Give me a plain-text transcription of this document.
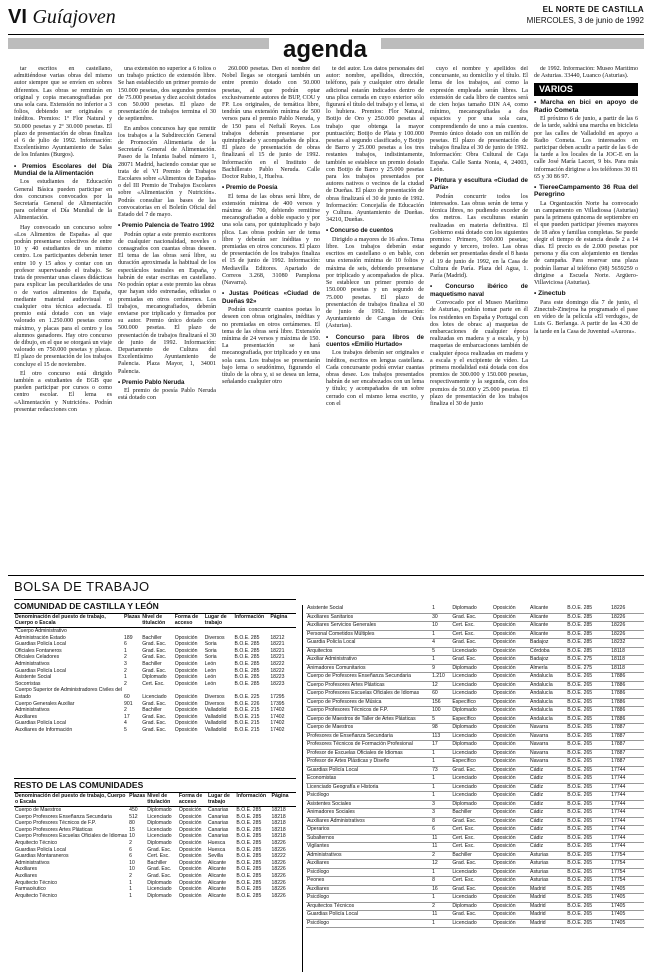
VI Guíajoven	EL NORTE DE CASTILLA
MIERCOLES, 3 de junio de 1992
agenda

tar escritos en castellano, admitiéndose varias obras del mismo autor siempre que se envíen en sobres diferentes. Las obras se remitirán en original y copia mecanografiadas por una sola cara. Extensión no inferior a 3 folios, debiendo ser originales e inéditos. Premios: 1º Flor Natural y 50.000 pesetas y 2º 30.000 pesetas. El plazo de presentación de obras finaliza el 6 de julio de 1992. Información: Excelentísimo Ayuntamiento de Salas de los Infantes (Burgos).

• Premios Escolares del Día Mundial de la Alimentación

Los estudiantes de Educación General Básica pueden participar en dos concursos convocados por la Secretaría General de Alimentación para celebrar el Día Mundial de la Alimentación.

Hay convocado un concurso sobre «Los Alimentos de España» al que podrán presentarse colectivos de entre 10 y 40 estudiantes de un mismo centro. Los participantes deberán tener entre 10 y 15 años y contar con un profesor supervisando el trabajo. Se trata de presentar unas clases didácticas para explicar las peculiaridades de una o de varios alimentos de España, mediante material audiovisual o cualquier otra técnica adecuada. El premio está dotado con un viaje valorado en 1.250.000 pesetas como máximo, y placas para el centro y los alumnos ganadores. Hay otro concurso de dibujo, en el que se otorgará un viaje valorado en 750.000 pesetas y placas. El plazo de presentación de los trabajos concluye el 15 de noviembre.

El otro concurso está dirigido también a estudiantes de EGB que pueden participar por cursos o como centro escolar. El lema es «Alimentación y Nutrición». Podrán presentar redacciones con

una extensión no superior a 6 folios o un trabajo práctico de extensión libre. Se han establecido un primer premio de 150.000 pesetas, dos segundos premios de 75.000 pesetas y diez accésit dotados con 50.000 pesetas. El plazo de presentación de trabajos termina el 30 de septiembre.

En ambos concursos hay que remitir los trabajos a la Subdirección General de Promoción Alimentaria de la Secretaría General de Alimentación. Paseo de la Infanta Isabel número 1, 28071 Madrid, haciendo constar que se trata de el VI Premio de Trabajos Escolares sobre «Alimentos de España» o del III Premio de Trabajos Escolares sobre «Alimentación y Nutrición». Podrás consultar las bases de las convocatorias en el Boletín Oficial del Estado del 7 de mayo.

• Premio Palencia de Teatro 1992

Podrán optar a este premio escritores de cualquier nacionalidad, noveles o consagrados con cuantas obras deseen. El tema de las obras será libre, su duración aproximada la habitual de los espectáculos teatrales en España, y habrán de estar escritas en castellano. No podrán optar a este premio las obras que hayan sido estrenadas, editadas o premiadas en otros certámenes. Los trabajos, mecanografiados, deberán enviarse por triplicado y firmados por su autor. Premio único dotado con 500.000 pesetas. El plazo de presentación de trabajos finalizará el 30 de junio de 1992. Información: Departamento de Cultura del Excelentísimo Ayuntamiento de Palencia. Plaza Mayor, 1, 34001 Palencia.

• Premio Pablo Neruda

El premio de poesía Pablo Neruda está dotado con

260.000 pesetas. Den el nombre del Nobel llegas se otorgará también un entre premio dotado con 50.000 pesetas, al que podrán optar exclusivamente autores de BUP, COU y FP. Los originales, de temática libre, tendrán una extensión mínima de 500 versos para el premio Pablo Neruda, y de 150 para el Neftalí Reyes. Los trabajos deberán presentarse por quintuplicado y acompañados de plica. El plazo de presentación de obras finalizará el 15 de junio de 1992. Información en el Instituto de Bachillerato Pablo Neruda. Calle Doctor Rubio, 1, Huelva.

• Premio de Poesía

El tema de las obras será libre, de extensión mínima de 400 versos y máxima de 700, debiendo remitirse mecanografiadas a doble espacio y por una sola cara, por quintuplicado y bajo plica. Las obras podrán ser de tema libre y deberán ser inéditas y no premiadas en otros concursos. El plazo de presentación de los trabajos finaliza el 15 de junio de 1992. Información: Mediavilla Editores. Apartado de Correos 3.268, 31080 Pamplona (Navarra).

• Justas Poéticas «Ciudad de Dueñas 92»

Podrán concurrir cuantos poetas lo deseen con obras originales, inéditas y no premiadas en otros certámenes. El tema de las obras será libre. Extensión mínima de 24 versos y máxima de 150. La presentación se hará mecanografiada, por triplicado y en una sola cara. Los trabajos se presentarán bajo lema o seudónimo, figurando el título de la obra y, si se desea un lema, señalando cualquier otro

te del autor. Los datos personales del autor: nombre, apellidos, dirección, teléfono, país y cualquier otro detalle adicional estarán indicados dentro de una plica cerrada en cuyo exterior sólo figurará el título del trabajo y el lema, si lo hubiera. Premios: Flor Natural, Botijo de Oro y 250.000 pesetas al trabajo que obtenga la mayor puntuación; Botijo de Plata y 100.000 pesetas al segundo clasificado, y Botijo de Barro y 25.000 pesetas a los tres restantes trabajos, indistintamente, también se establece un premio dotado con Botijo de Barro y 25.000 pesetas para los trabajos presentados por autores nativos o vecinos de la ciudad de Dueñas. El plazo de presentación de obras finalizará el 30 de junio de 1992. Información: Concejalía de Educación y Cultura. Ayuntamiento de Dueñas. 34210, Dueñas.

• Concurso de cuentos

Dirigido a mayores de 16 años. Tema libre. Los trabajos deberán estar escritos en castellano o en bable, con una extensión mínima de 10 folios y máxima de seis, debiendo presentarse por triplicado y acompañados de plica. Se establece un primer premio de 150.000 pesetas y un segundo de 75.000 pesetas. El plazo de presentación de trabajos finaliza el 30 de junio de 1992. Información: Ayuntamiento de Cangas de Onís (Asturias).

• Concurso para libros de cuentos «Emilio Hurtado»

Los trabajos deberán ser originales e inéditos, escritos en lengua castellana. Cada concursante podrá enviar cuantas obras desee. Los trabajos presentados habrán de ser encabezados con un lema y título; y acompañados de un sobre cerrado con el mismo lema escrito, y con el

cuyo el nombre y apellidos del concursante, su domicilio y el título. El lema de los trabajos, así como la expresión empleada serán libres. La extensión de cada libro de cuentos será de cien hojas tamaño DIN A4, como mínimo, mecanografiadas a dos espacios y por una sola cara, comprendiendo de uno a más cuentos. Premio único dotado con un millón de pesetas. El plazo de presentación de trabajos finaliza el 30 de junio de 1992. Información: Obra Cultural de Caja España. Calle Santa Nonia, 4, 24003, León.

• Pintura y escultura «Ciudad de Paría»

Podrán concurrir todos los interesados. Las obras serán de tema y técnica libres, no pudiendo exceder de dos metros. Las esculturas estarán realizadas en materia definitiva. El Gobierno está dotado con los siguientes premios: Primero, 500.000 pesetas; segundo y tercero, trofeo. Las obras deberán ser presentadas desde el 8 hasta el 19 de junio de 1992, en la Casa de Cultura de Paría. Plaza del Agua, 1. Paría (Madrid).

• Concurso ibérico de maquetismo naval

Convocado por el Museo Marítimo de Asturias, podrán tomar parte en él los residentes en España y Portugal con dos lotes de obras: a) maquetas de embarcaciones de cualquier época realizadas en madera y a escala, y b) maquetas de embarcaciones también de cualquier época realizadas en madera y a escala y el excipiente de vídeo. La primera modalidad está dotada con dos premios de 300.000 y 150.000 pesetas, respectivamente y la segunda, con dos premios de 50.000 y 25.000 pesetas. El plazo de presentación de los trabajos finaliza el 30 de junio

de 1992. Información: Museo Marítimo de Asturias. 33440, Luanco (Asturias).

VARIOS
• Marcha en bici en apoyo de Radio Cometa

El próximo 6 de junio, a partir de las 6 de la tarde, saldrá una marcha en bicicleta por las calles de Valladolid en apoyo a Radio Cometa. Los interesados en participar deben acudir a partir de las 6 de la tarde a los locales de la JOC-E en la calle José María Lacort, 9 bis. Para más información dirigirse a los teléfonos 30 81 65 y 30 86 97.

• TiereeCampamento 36 Rua del Peregrino

La Organización Norte ha convocado un campamento en Villadiossa (Asturias) para la primera quincena de septiembre en el que pueden participar jóvenes mayores de 18 años y familias completas. Se puede elegir el tiempo de estancia desde 2 a 14 días. El precio es de 2.000 pesetas por persona y día con alojamiento en tiendas de campaña. Para reservar una plaza podrán llamar al teléfono (98) 5659259 o dirigirse a Escuela Norte. Argüero-Villaviciosa (Asturias).

• Zinectub

Para este domingo día 7 de junio, el Zinectub-Zinejroa ha programado el pase en vídeo de la película «El verdugo», de Luis G. Berlanga. A partir de las 4.30 de la tarde en la Casa de Juventud «Aurora».

BOLSA DE TRABAJO
COMUNIDAD DE CASTILLA Y LEÓN
Denominación del puesto de trabajo, Cuerpo o Escala	Plazas	Nivel de titulación	Forma de acceso	Lugar de trabajo	Información	Página
*Cuerpo Administrativo						
Administración Estado	189	Bachiller	Oposición	Diversos	B.O.E. 285	18212
Guardias Policía Local	6	Grad. Esc.	Oposición	Soria	B.O.E. 285	18221
Oficiales Fontaneros	1	Grad. Esc.	Oposición	Soria	B.O.E. 285	18221
Oficiales Celadores	2	Grad. Esc.	Oposición	Soria	B.O.E. 285	18221
Administrativos	3	Bachiller	Oposición	León	B.O.E. 285	18222
Guardias Policía Local	2	Grad. Esc.	Oposición	León	B.O.E. 285	18222
Asistente Social	1	Diplomado	Oposición	León	B.O.E. 285	18223
Socorristas	2	Cert. Esc.	Oposición	León	B.O.E. 285	18223
Cuerpo Superior de Administradores Civiles del						
Estado	60	Licenciado	Oposición	Diversos	B.O.E. 225	17295
Cuerpo Generales Auxiliar	901	Grad. Esc.	Oposición	Diversos	B.O.E. 226	17395
Administrativos	2	Bachiller	Oposición	Valladolid	B.O.E. 215	17402
Auxiliares	17	Grad. Esc.	Oposición	Valladolid	B.O.E. 215	17402
Guardias Policía Local	4	Grad. Esc.	Oposición	Valladolid	B.O.E. 215	17402
Auxiliares de Información	5	Grad. Esc.	Oposición	Valladolid	B.O.E. 215	17402
RESTO DE LAS COMUNIDADES
Denominación del puesto de trabajo, Cuerpo o Escala	Plazas	Nivel de titulación	Forma de acceso	Lugar de trabajo	Información	Página
Cuerpo de Maestros	450	Diplomado	Oposición	Canarias	B.O.E. 285	18218
Cuerpo Profesores Enseñanza Secundaria	512	Licenciado	Oposición	Canarias	B.O.E. 285	18218
Cuerpo Profesores Técnicos de F.P.	80	Diplomado	Oposición	Canarias	B.O.E. 285	18218
Cuerpo Profesores Artes Plásticas	15	Licenciado	Oposición	Canarias	B.O.E. 285	18218
Cuerpo Profesores Escuelas Oficiales de Idiomas	10	Licenciado	Oposición	Canarias	B.O.E. 285	18218
Arquitecto Técnico	2	Diplomado	Oposición	Huesca	B.O.E. 285	18226
Guardias Policía Local	6	Grad. Esc.	Oposición	Huesca	B.O.E. 285	18226
Guardias Montaraneros	6	Cert. Esc.	Oposición	Sevilla	B.O.E. 285	18222
Administrativos	10	Bachiller	Oposición	Alicante	B.O.E. 285	18226
Auxiliares	10	Grad. Esc.	Oposición	Alicante	B.O.E. 285	18226
Auxiliares	2	Grad. Esc.	Oposición	Alicante	B.O.E. 285	18226
Arquitecto Técnico	1	Diplomado	Oposición	Alicante	B.O.E. 285	18226
Farmacéutico	1	Licenciado	Oposición	Alicante	B.O.E. 285	18226
Arquitecto Técnico	1	Diplomado	Oposición	Alicante	B.O.E. 285	18226
Asistente Social	1	Diplomado	Oposición	Alicante	B.O.E. 285	18226
Auxiliares Sanitarios	30	Grad. Esc.	Oposición	Alicante	B.O.E. 285	18226
Auxiliares Servicios Generales	10	Cert. Esc.	Oposición	Alicante	B.O.E. 285	18226
Personal Cometidos Múltiples	1	Cert. Esc.	Oposición	Alicante	B.O.E. 285	18226
Guardia Policía Local	4	Grad. Esc.	Oposición	Badajoz	B.O.E. 285	18232
Arquitectos	5	Licenciado	Oposición	Córdoba	B.O.E. 285	18118
Auxiliar Administrativo	1	Grad. Esc.	Oposición	Badajoz	B.O.E. 275	18118
Animadores Comunitarios	9	Diplomado	Oposición	Almería	B.O.E. 275	18118
Cuerpo de Profesores Enseñanza Secundaria	1.210	Licenciado	Oposición	Andalucía	B.O.E. 265	17886
Cuerpo Profesores Artes Plásticas	12	Licenciado	Oposición	Andalucía	B.O.E. 265	17886
Cuerpo Profesores Escuelas Oficiales de Idiomas	60	Licenciado	Oposición	Andalucía	B.O.E. 265	17886
Cuerpo de Profesores de Música	156	Específico	Oposición	Andalucía	B.O.E. 265	17886
Cuerpo Profesores Técnicos de F.P.	100	Diplomado	Oposición	Andalucía	B.O.E. 265	17886
Cuerpo de Maestros de Taller de Artes Plásticas	5	Específico	Oposición	Andalucía	B.O.E. 265	17886
Cuerpo de Maestros	98	Diplomado	Oposición	Navarra	B.O.E. 265	17887
Profesores de Enseñanza Secundaria	113	Licenciado	Oposición	Navarra	B.O.E. 265	17887
Profesores Técnicos de Formación Profesional	17	Diplomado	Oposición	Navarra	B.O.E. 265	17887
Profesor de Escuelas Oficiales de Idiomas	1	Licenciado	Oposición	Navarra	B.O.E. 265	17887
Profesor de Artes Plásticas y Diseño	1	Específico	Oposición	Navarra	B.O.E. 265	17887
Guardias Policía Local	73	Grad. Esc.	Oposición	Cádiz	B.O.E. 265	17744
Economistas	1	Licenciado	Oposición	Cádiz	B.O.E. 265	17744
Licenciado Geografía e Historia	1	Licenciado	Oposición	Cádiz	B.O.E. 265	17744
Psicólogo	1	Licenciado	Oposición	Cádiz	B.O.E. 265	17744
Asistentes Sociales	3	Diplomado	Oposición	Cádiz	B.O.E. 265	17744
Animadores Sociales	3	Bachiller	Oposición	Cádiz	B.O.E. 265	17744
Auxiliares Administrativos	8	Grad. Esc.	Oposición	Cádiz	B.O.E. 265	17744
Operarios	6	Cert. Esc.	Oposición	Cádiz	B.O.E. 265	17744
Subalternos	11	Cert. Esc.	Oposición	Cádiz	B.O.E. 265	17744
Vigilantes	11	Cert. Esc.	Oposición	Cádiz	B.O.E. 265	17744
Administrativos	2	Bachiller	Oposición	Asturias	B.O.E. 265	17754
Auxiliares	12	Grad. Esc.	Oposición	Asturias	B.O.E. 265	17754
Psicólogo	1	Licenciado	Oposición	Asturias	B.O.E. 265	17754
Peones	8	Cert. Esc.	Oposición	Asturias	B.O.E. 265	17754
Auxiliares	16	Grad. Esc.	Oposición	Madrid	B.O.E. 265	17405
Psicólogo	1	Licenciado	Oposición	Madrid	B.O.E. 265	17405
Arquitectos Técnicos	2	Diplomado	Oposición	Madrid	B.O.E. 265	17405
Guardias Policía Local	11	Grad. Esc.	Oposición	Madrid	B.O.E. 265	17405
Psicólogo	1	Licenciado	Oposición	Madrid	B.O.E. 265	17405
